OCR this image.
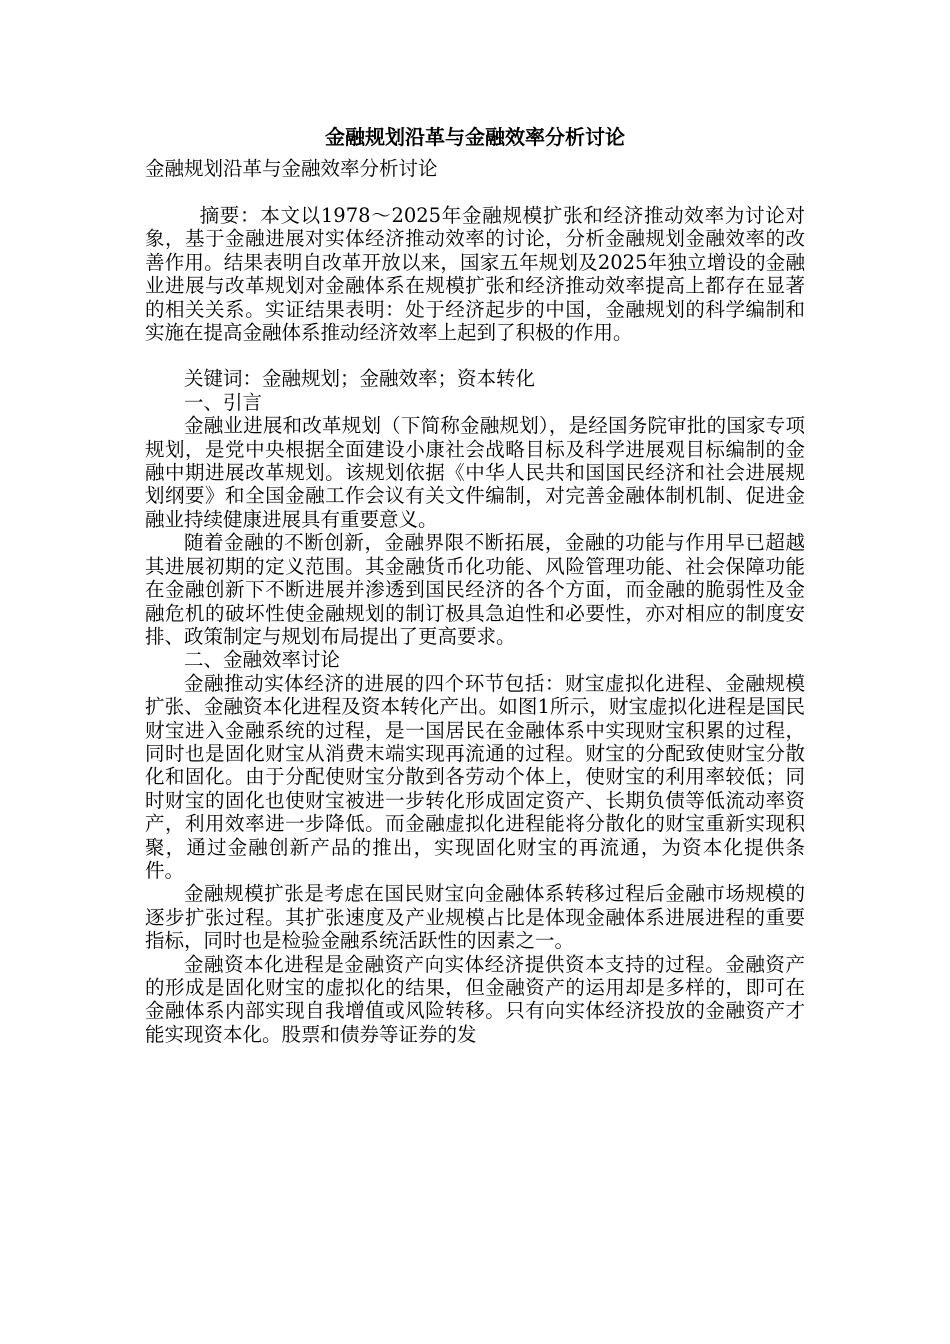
金融规划沿革与金融效率分析讨论
金融规划沿革与金融效率分析讨论

摘要：本文以1978～2025年金融规模扩张和经济推动效率为讨论对象，基于金融进展对实体经济推动效率的讨论，分析金融规划金融效率的改善作用。结果表明自改革开放以来，国家五年规划及2025年独立增设的金融业进展与改革规划对金融体系在规模扩张和经济推动效率提高上都存在显著的相关关系。实证结果表明：处于经济起步的中国，金融规划的科学编制和实施在提高金融体系推动经济效率上起到了积极的作用。

关键词：金融规划；金融效率；资本转化

一、引言

金融业进展和改革规划（下简称金融规划），是经国务院审批的国家专项规划，是党中央根据全面建设小康社会战略目标及科学进展观目标编制的金融中期进展改革规划。该规划依据《中华人民共和国国民经济和社会进展规划纲要》和全国金融工作会议有关文件编制，对完善金融体制机制、促进金融业持续健康进展具有重要意义。

随着金融的不断创新，金融界限不断拓展，金融的功能与作用早已超越其进展初期的定义范围。其金融货币化功能、风险管理功能、社会保障功能在金融创新下不断进展并渗透到国民经济的各个方面，而金融的脆弱性及金融危机的破坏性使金融规划的制订极具急迫性和必要性，亦对相应的制度安排、政策制定与规划布局提出了更高要求。

二、金融效率讨论

金融推动实体经济的进展的四个环节包括：财宝虚拟化进程、金融规模扩张、金融资本化进程及资本转化产出。如图1所示，财宝虚拟化进程是国民财宝进入金融系统的过程，是一国居民在金融体系中实现财宝积累的过程，同时也是固化财宝从消费末端实现再流通的过程。财宝的分配致使财宝分散化和固化。由于分配使财宝分散到各劳动个体上，使财宝的利用率较低；同时财宝的固化也使财宝被进一步转化形成固定资产、长期负债等低流动率资产，利用效率进一步降低。而金融虚拟化进程能将分散化的财宝重新实现积聚，通过金融创新产品的推出，实现固化财宝的再流通，为资本化提供条件。

金融规模扩张是考虑在国民财宝向金融体系转移过程后金融市场规模的逐步扩张过程。其扩张速度及产业规模占比是体现金融体系进展进程的重要指标，同时也是检验金融系统活跃性的因素之一。

金融资本化进程是金融资产向实体经济提供资本支持的过程。金融资产的形成是固化财宝的虚拟化的结果，但金融资产的运用却是多样的，即可在金融体系内部实现自我增值或风险转移。只有向实体经济投放的金融资产才能实现资本化。股票和债券等证券的发
